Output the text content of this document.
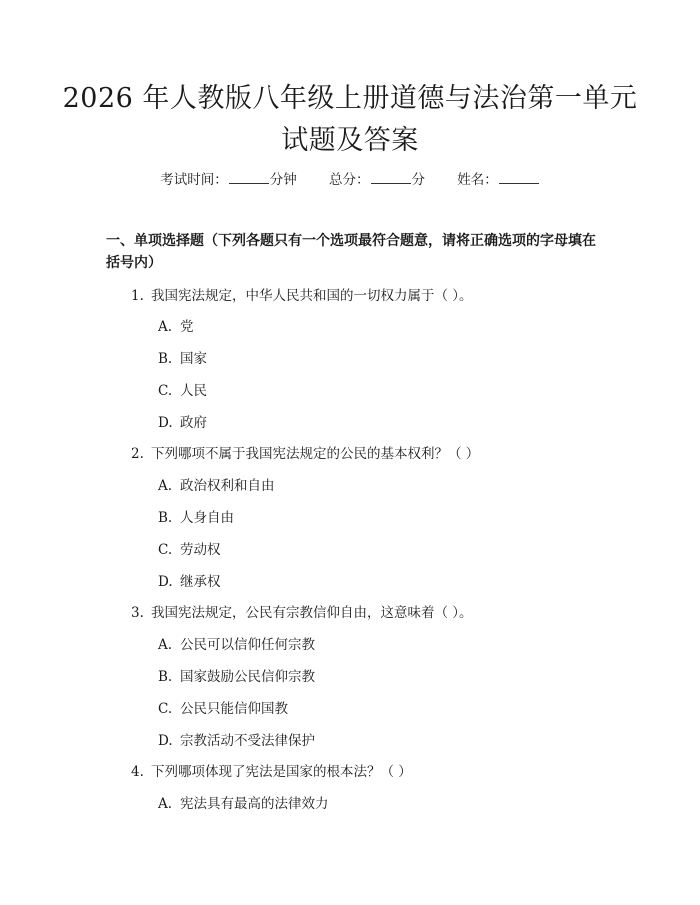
2026 年人教版八年级上册道德与法治第一单元试题及答案
考试时间：	分钟 总分：	分 姓名：
一、单项选择题（下列各题只有一个选项最符合题意，请将正确选项的字母填在括号内）
1. 我国宪法规定，中华人民共和国的一切权力属于（ ）。
A. 党
B. 国家
C. 人民
D. 政府
2. 下列哪项不属于我国宪法规定的公民的基本权利？（ ）
A. 政治权利和自由
B. 人身自由
C. 劳动权
D. 继承权
3. 我国宪法规定，公民有宗教信仰自由，这意味着（ ）。
A. 公民可以信仰任何宗教
B. 国家鼓励公民信仰宗教
C. 公民只能信仰国教
D. 宗教活动不受法律保护
4. 下列哪项体现了宪法是国家的根本法？（ ）
A. 宪法具有最高的法律效力
